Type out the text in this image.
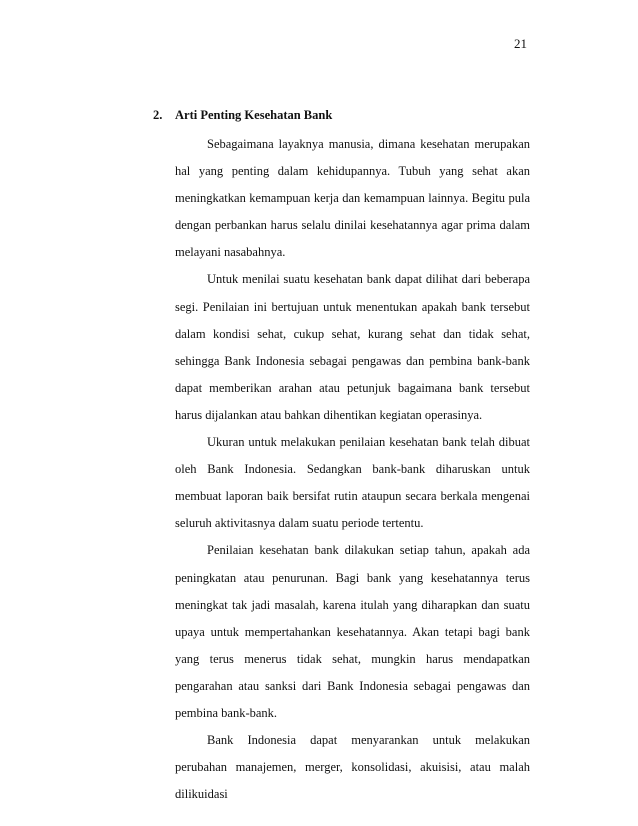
21
2. Arti Penting Kesehatan Bank

Sebagaimana layaknya manusia, dimana kesehatan merupakan hal yang penting dalam kehidupannya. Tubuh yang sehat akan meningkatkan kemampuan kerja dan kemampuan lainnya. Begitu pula dengan perbankan harus selalu dinilai kesehatannya agar prima dalam melayani nasabahnya.

Untuk menilai suatu kesehatan bank dapat dilihat dari beberapa segi. Penilaian ini bertujuan untuk menentukan apakah bank tersebut dalam kondisi sehat, cukup sehat, kurang sehat dan tidak sehat, sehingga Bank Indonesia sebagai pengawas dan pembina bank-bank dapat memberikan arahan atau petunjuk bagaimana bank tersebut harus dijalankan atau bahkan dihentikan kegiatan operasinya.

Ukuran untuk melakukan penilaian kesehatan bank telah dibuat oleh Bank Indonesia. Sedangkan bank-bank diharuskan untuk membuat laporan baik bersifat rutin ataupun secara berkala mengenai seluruh aktivitasnya dalam suatu periode tertentu.

Penilaian kesehatan bank dilakukan setiap tahun, apakah ada peningkatan atau penurunan. Bagi bank yang kesehatannya terus meningkat tak jadi masalah, karena itulah yang diharapkan dan suatu upaya untuk mempertahankan kesehatannya. Akan tetapi bagi bank yang terus menerus tidak sehat, mungkin harus mendapatkan pengarahan atau sanksi dari Bank Indonesia sebagai pengawas dan pembina bank-bank.

Bank Indonesia dapat menyarankan untuk melakukan perubahan manajemen, merger, konsolidasi, akuisisi, atau malah dilikuidasi
